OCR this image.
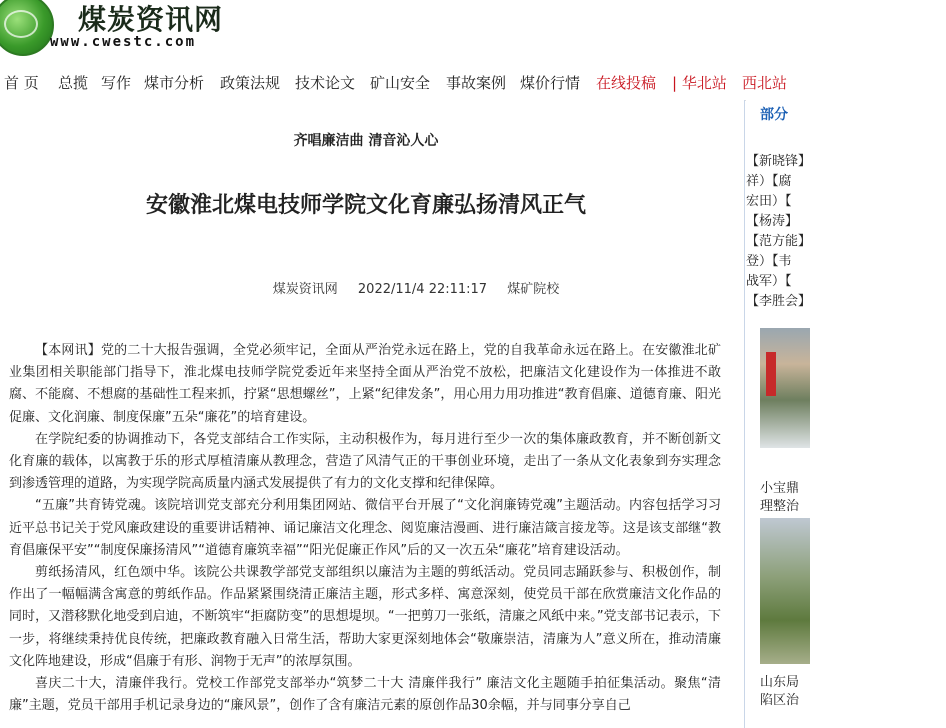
煤炭资讯网
www.cwestc.com
首 页 总揽 写作 煤市分析 政策法规 技术论文 矿山安全 事故案例 煤价行情 在线投稿 | 华北站 西北站
齐唱廉洁曲 清音沁人心
安徽淮北煤电技师学院文化育廉弘扬清风正气
煤炭资讯网 2022/11/4 22:11:17 煤矿院校

【本网讯】党的二十大报告强调，全党必须牢记，全面从严治党永远在路上，党的自我革命永远在路上。在安徽淮北矿业集团相关职能部门指导下，淮北煤电技师学院党委近年来坚持全面从严治党不放松，把廉洁文化建设作为一体推进不敢腐、不能腐、不想腐的基础性工程来抓，拧紧“思想螺丝”，上紧“纪律发条”，用心用力用功推进“教育倡廉、道德育廉、阳光促廉、文化润廉、制度保廉”五朵“廉花”的培育建设。

在学院纪委的协调推动下，各党支部结合工作实际，主动积极作为，每月进行至少一次的集体廉政教育，并不断创新文化育廉的载体，以寓教于乐的形式厚植清廉从教理念，营造了风清气正的干事创业环境，走出了一条从文化表象到夯实理念到渗透管理的道路，为实现学院高质量内涵式发展提供了有力的文化支撑和纪律保障。

“五廉”共育铸党魂。该院培训党支部充分利用集团网站、微信平台开展了“文化润廉铸党魂”主题活动。内容包括学习习近平总书记关于党风廉政建设的重要讲话精神、诵记廉洁文化理念、阅览廉洁漫画、进行廉洁箴言接龙等。这是该支部继“教育倡廉保平安”“制度保廉扬清风”“道德育廉筑幸福”“阳光促廉正作风”后的又一次五朵“廉花”培育建设活动。

剪纸扬清风，红色颂中华。该院公共课教学部党支部组织以廉洁为主题的剪纸活动。党员同志踊跃参与、积极创作，制作出了一幅幅满含寓意的剪纸作品。作品紧紧围绕清正廉洁主题，形式多样、寓意深刻，使党员干部在欣赏廉洁文化作品的同时，又潜移默化地受到启迪，不断筑牢“拒腐防变”的思想堤坝。“一把剪刀一张纸，清廉之风纸中来。”党支部书记表示，下一步，将继续秉持优良传统，把廉政教育融入日常生活，帮助大家更深刻地体会“敬廉崇洁，清廉为人”意义所在，推动清廉文化阵地建设，形成“倡廉于有形、润物于无声”的浓厚氛围。

喜庆二十大，清廉伴我行。党校工作部党支部举办“筑梦二十大 清廉伴我行” 廉洁文化主题随手拍征集活动。聚焦“清廉”主题，党员干部用手机记录身边的“廉风景”，创作了含有廉洁元素的原创作品30余幅，并与同事分享自己

部分
【新晓锋】
祥）【腐
宏田）【
【杨涛】
【范方能】
登）【韦
战军）【
【李胜会】
小宝鼎
理整治
山东局
陷区治
